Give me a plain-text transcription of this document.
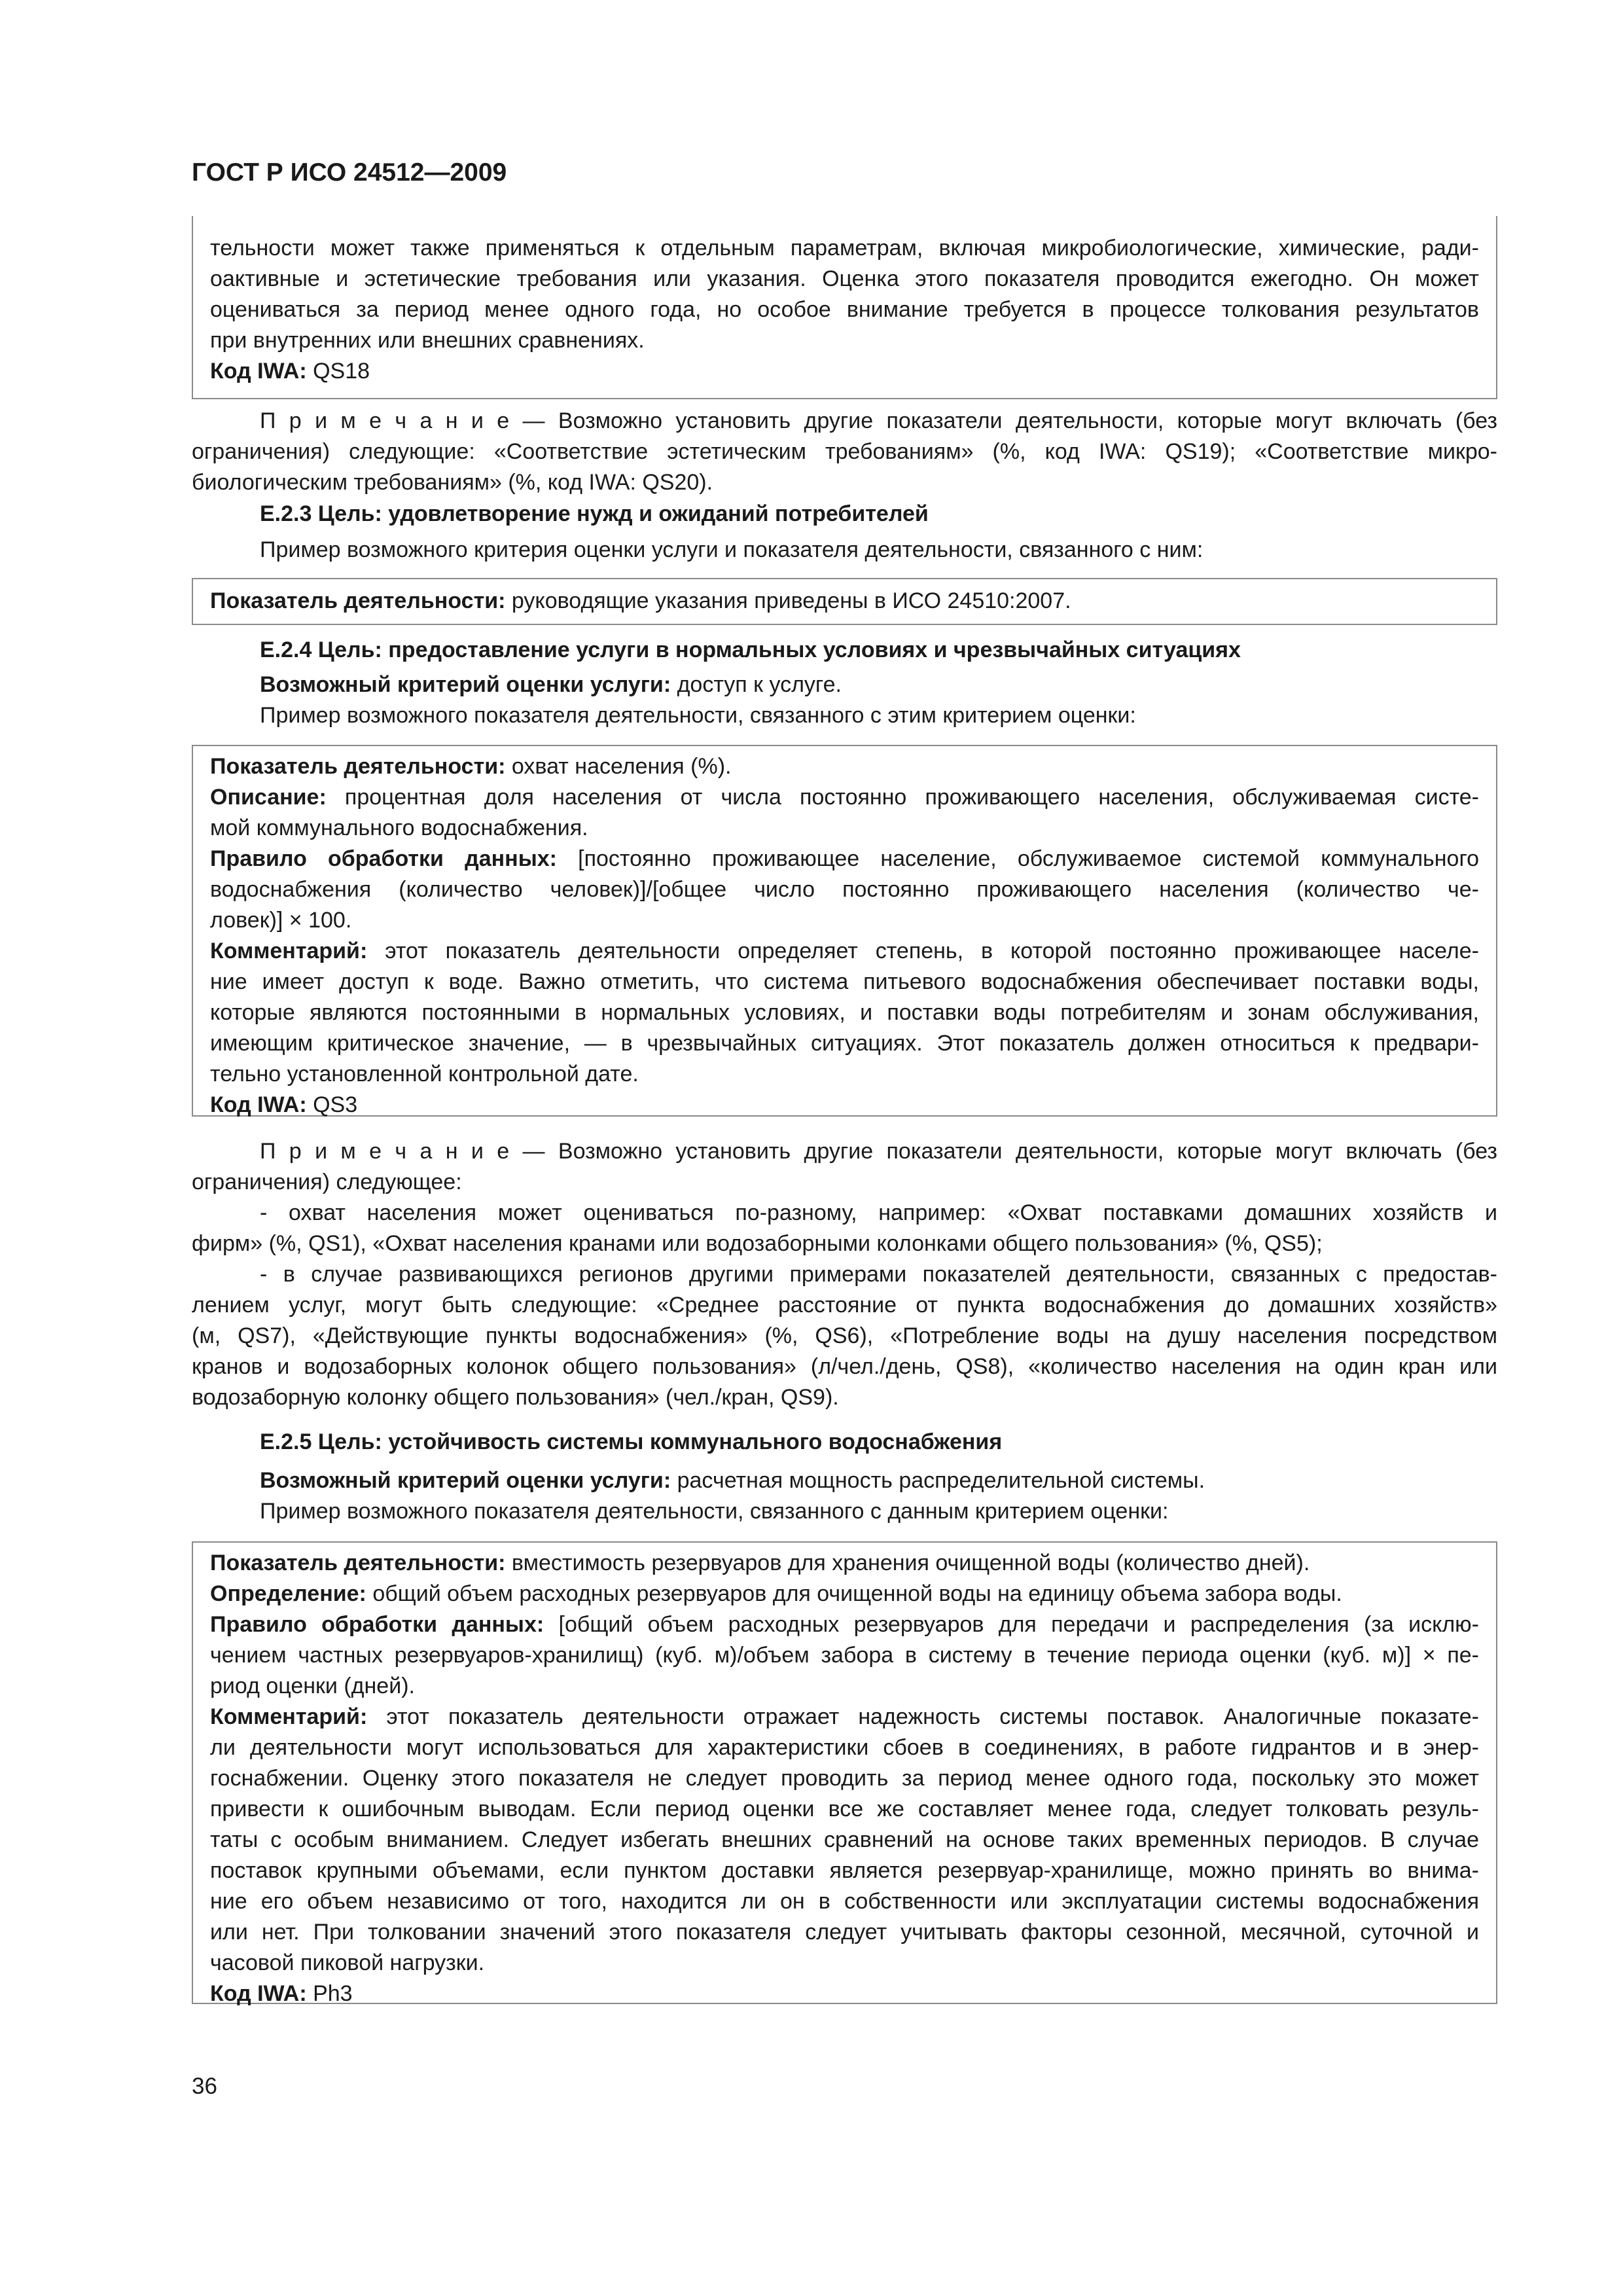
ГОСТ Р ИСО 24512—2009
тельности может также применяться к отдельным параметрам, включая микробиологические, химические, ради-
оактивные и эстетические требования или указания. Оценка этого показателя проводится ежегодно. Он может
оцениваться за период менее одного года, но особое внимание требуется в процессе толкования результатов
при внутренних или внешних сравнениях.
Код IWA: QS18
П р и м е ч а н и е — Возможно установить другие показатели деятельности, которые могут включать (без
ограничения) следующие: «Соответствие эстетическим требованиям» (%, код IWA: QS19); «Соответствие микро-
биологическим требованиям» (%, код IWA: QS20).
Е.2.3 Цель: удовлетворение нужд и ожиданий потребителей
Пример возможного критерия оценки услуги и показателя деятельности, связанного с ним:
Показатель деятельности: руководящие указания приведены в ИСО 24510:2007.
Е.2.4 Цель: предоставление услуги в нормальных условиях и чрезвычайных ситуациях
Возможный критерий оценки услуги: доступ к услуге.
Пример возможного показателя деятельности, связанного с этим критерием оценки:
Показатель деятельности: охват населения (%).
Описание: процентная доля населения от числа постоянно проживающего населения, обслуживаемая систе-
мой коммунального водоснабжения.
Правило обработки данных: [постоянно проживающее население, обслуживаемое системой коммунального
водоснабжения (количество человек)]/[общее число постоянно проживающего населения (количество че-
ловек)] × 100.
Комментарий: этот показатель деятельности определяет степень, в которой постоянно проживающее населе-
ние имеет доступ к воде. Важно отметить, что система питьевого водоснабжения обеспечивает поставки воды,
которые являются постоянными в нормальных условиях, и поставки воды потребителям и зонам обслуживания,
имеющим критическое значение, — в чрезвычайных ситуациях. Этот показатель должен относиться к предвари-
тельно установленной контрольной дате.
Код IWA: QS3
П р и м е ч а н и е — Возможно установить другие показатели деятельности, которые могут включать (без
ограничения) следующее:
- охват населения может оцениваться по-разному, например: «Охват поставками домашних хозяйств и
фирм» (%, QS1), «Охват населения кранами или водозаборными колонками общего пользования» (%, QS5);
- в случае развивающихся регионов другими примерами показателей деятельности, связанных с предостав-
лением услуг, могут быть следующие: «Среднее расстояние от пункта водоснабжения до домашних хозяйств»
(м, QS7), «Действующие пункты водоснабжения» (%, QS6), «Потребление воды на душу населения посредством
кранов и водозаборных колонок общего пользования» (л/чел./день, QS8), «количество населения на один кран или
водозаборную колонку общего пользования» (чел./кран, QS9).
Е.2.5 Цель: устойчивость системы коммунального водоснабжения
Возможный критерий оценки услуги: расчетная мощность распределительной системы.
Пример возможного показателя деятельности, связанного с данным критерием оценки:
Показатель деятельности: вместимость резервуаров для хранения очищенной воды (количество дней).
Определение: общий объем расходных резервуаров для очищенной воды на единицу объема забора воды.
Правило обработки данных: [общий объем расходных резервуаров для передачи и распределения (за исклю-
чением частных резервуаров-хранилищ) (куб. м)/объем забора в систему в течение периода оценки (куб. м)] × пе-
риод оценки (дней).
Комментарий: этот показатель деятельности отражает надежность системы поставок. Аналогичные показате-
ли деятельности могут использоваться для характеристики сбоев в соединениях, в работе гидрантов и в энер-
госнабжении. Оценку этого показателя не следует проводить за период менее одного года, поскольку это может
привести к ошибочным выводам. Если период оценки все же составляет менее года, следует толковать резуль-
таты с особым вниманием. Следует избегать внешних сравнений на основе таких временных периодов. В случае
поставок крупными объемами, если пунктом доставки является резервуар-хранилище, можно принять во внима-
ние его объем независимо от того, находится ли он в собственности или эксплуатации системы водоснабжения
или нет. При толковании значений этого показателя следует учитывать факторы сезонной, месячной, суточной и
часовой пиковой нагрузки.
Код IWA: Ph3
36
